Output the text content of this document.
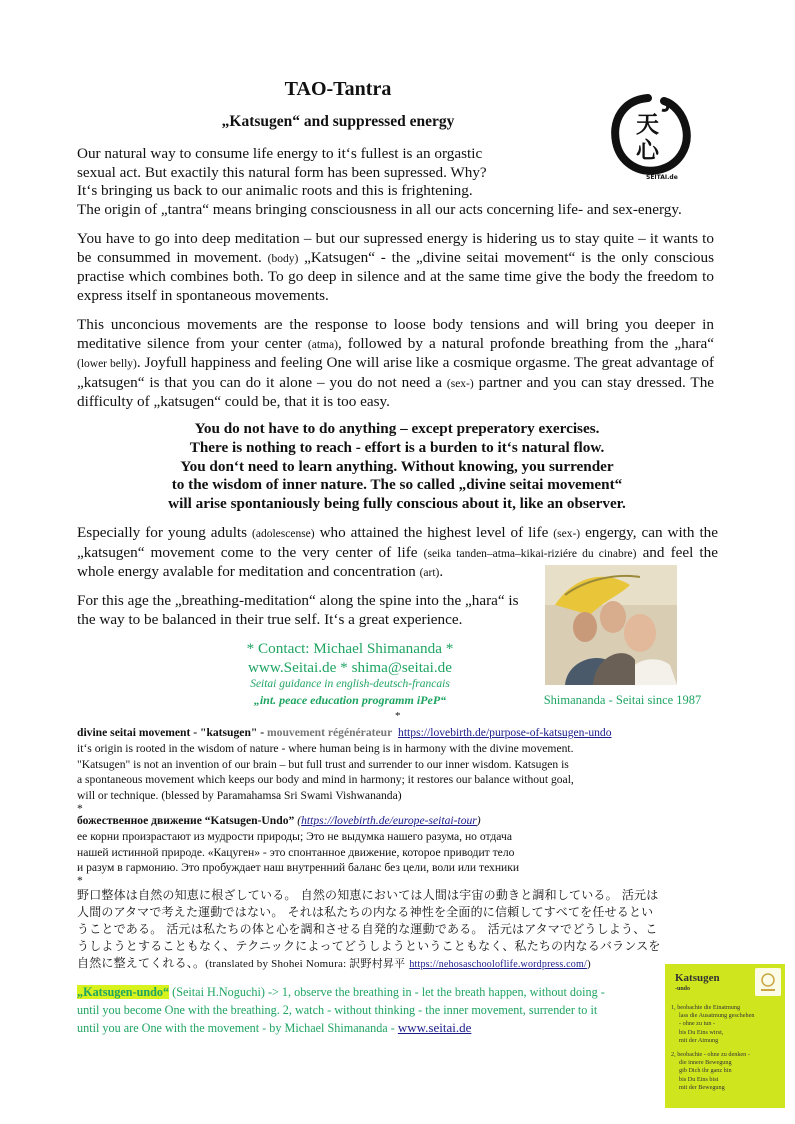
TAO-Tantra
„Katsugen“ and suppressed energy	天
心
SEITAI.de
Our natural way to consume life energy to it‘s fullest is an orgastic
sexual act. But exactily this natural form has been supressed. Why?
It‘s bringing us back to our animalic roots and this is frightening.
The origin of „tantra“ means bringing consciousness in all our acts concerning life- and sex-energy.
You have to go into deep meditation – but our supressed energy is hidering us to stay quite – it wants to be consummed in movement. (body) „Katsugen“ - the „divine seitai movement“ is the only conscious practise which combines both. To go deep in silence and at the same time give the body the freedom to express itself in spontaneous movements.
This unconcious movements are the response to loose body tensions and will bring you deeper in meditative silence from your center (atma), followed by a natural profonde breathing from the „hara“ (lower belly). Joyfull happiness and feeling One will arise like a cosmique orgasme. The great advantage of „katsugen“ is that you can do it alone – you do not need a (sex-) partner and you can stay dressed. The difficulty of „katsugen“ could be, that it is too easy.
You do not have to do anything – except preperatory exercises.
There is nothing to reach - effort is a burden to it‘s natural flow.
You don‘t need to learn anything. Without knowing, you surrender
to the wisdom of inner nature. The so called „divine seitai movement“
will arise spontaniously being fully conscious about it, like an observer.
Especially for young adults (adolescense) who attained the highest level of life (sex-) engergy, can with the „katsugen“ movement come to the very center of life (seika tanden–atma–kikai-riziére du cinabre) and feel the whole energy avalable for meditation and concentration (art).
For this age the „breathing-meditation“ along the spine into the „hara“ is the way to be balanced in their true self. It‘s a great experience.
Shimananda - Seitai since 1987
* Contact: Michael Shimananda *
www.Seitai.de * shima@seitai.de
Seitai guidance in english-deutsch-francais
„int. peace education programm iPeP“
*
divine seitai movement - "katsugen" - mouvement régénérateur https://lovebirth.de/purpose-of-katsugen-undo
it‘s origin is rooted in the wisdom of nature - where human being is in harmony with the divine movement.
"Katsugen" is not an invention of our brain – but full trust and surrender to our inner wisdom. Katsugen is
a spontaneous movement which keeps our body and mind in harmony; it restores our balance without goal,
will or technique. (blessed by Paramahamsa Sri Swami Vishwananda)
*
божественное движение “Katsugen-Undo” (https://lovebirth.de/europe-seitai-tour)
ее корни произрастают из мудрости природы; Это не выдумка нашего разума, но отдача
нашей истинной природе. «Кацуген» - это спонтанное движение, которое приводит тело
и разум в гармонию. Это пробуждает наш внутренний баланс без цели, воли или техники
*
野口整体は自然の知恵に根ざしている。 自然の知恵においては人間は宇宙の動きと調和している。 活元は
人間のアタマで考えた運動ではない。 それは私たちの内なる神性を全面的に信頼してすべてを任せるとい
うことである。 活元は私たちの体と心を調和させる自発的な運動である。 活元はアタマでどうしよう、こ
うしようとすることもなく、テクニックによってどうしようということもなく、私たちの内なるバランスを
自然に整えてくれる、。(translated by Shohei Nomura: 訳野村昇平 https://nehosaschooloflife.wordpress.com/)
„Katsugen-undo“ (Seitai H.Noguchi) -> 1, observe the breathing in - let the breath happen, without doing -
until you become One with the breathing. 2, watch - without thinking - the inner movement, surrender to it
until you are One with the movement - by Michael Shimananda - www.seitai.de
Katsugen
-undo
1, beobachte die Einatmung
lass die Ausatmung geschehen
- ohne zu tun -
bis Du Eins wirst,
mit der Atmung
2, beobachte - ohne zu denken -
die innere Bewegung
gib Dich ihr ganz hin
bis Du Eins bist
mit der Bewegung
